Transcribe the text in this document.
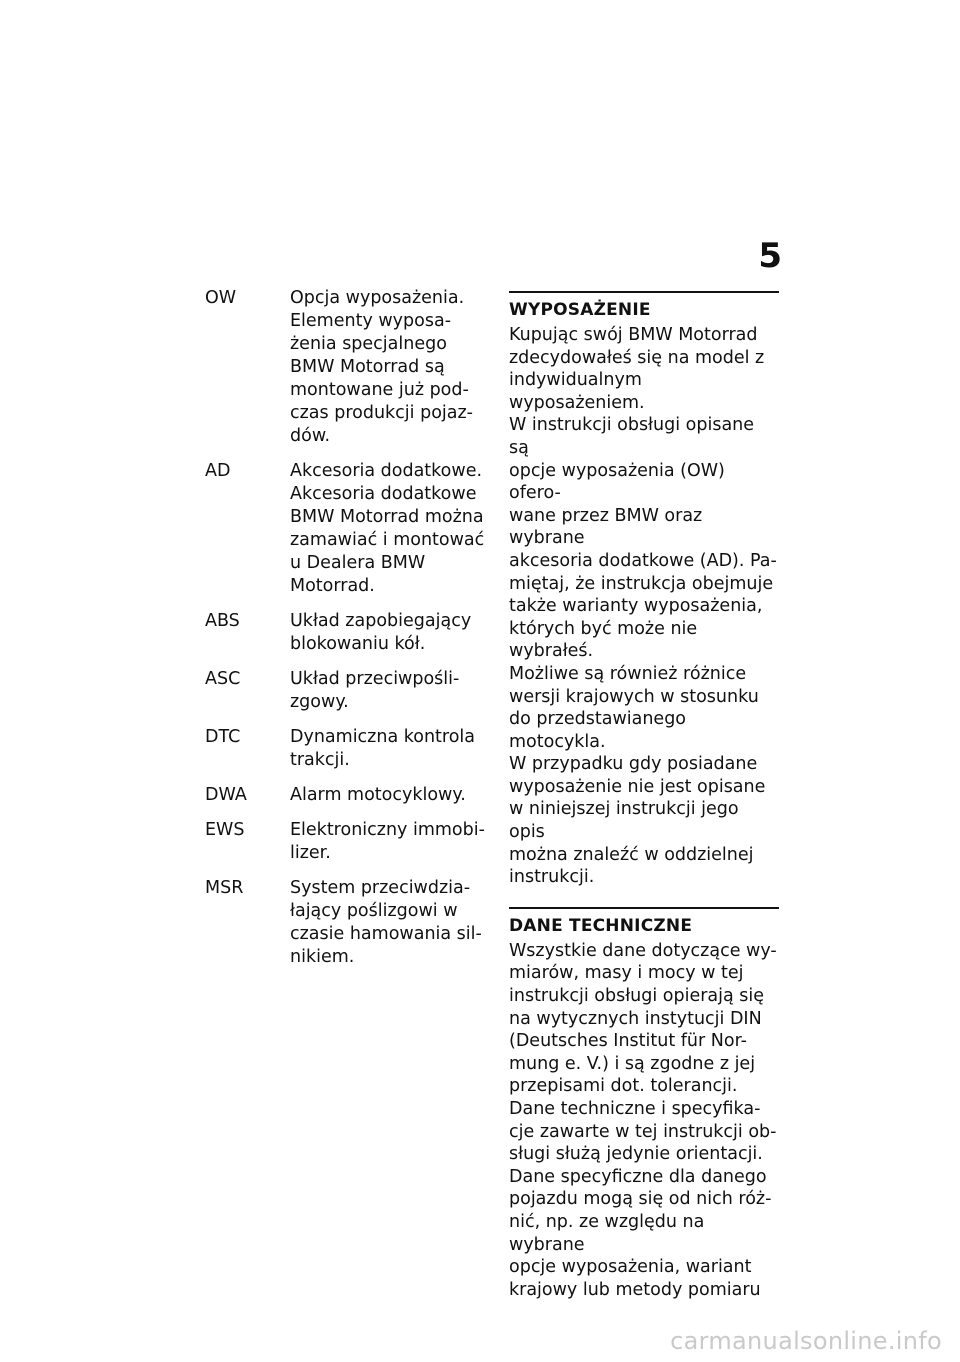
5
OW	Opcja wyposażenia. Elementy wyposa-
żenia specjalnego BMW Motorrad są montowane już pod-
czas produkcji pojaz-
dów.
AD	Akcesoria dodatkowe. Akcesoria dodatkowe BMW Motorrad można zamawiać i montować u Dealera BMW Motorrad.
ABS	Układ zapobiegający blokowaniu kół.
ASC	Układ przeciwpośli-
zgowy.
DTC	Dynamiczna kontrola trakcji.
DWA	Alarm motocyklowy.
EWS	Elektroniczny immobi-
lizer.
MSR	System przeciwdzia-
łający poślizgowi w czasie hamowania sil-
nikiem.
WYPOSAŻENIE
Kupując swój BMW Motorrad
zdecydowałeś się na model z
indywidualnym wyposażeniem.
W instrukcji obsługi opisane są
opcje wyposażenia (OW) ofero-
wane przez BMW oraz wybrane
akcesoria dodatkowe (AD). Pa-
miętaj, że instrukcja obejmuje
także warianty wyposażenia,
których być może nie wybrałeś.
Możliwe są również różnice
wersji krajowych w stosunku
do przedstawianego motocykla.
W przypadku gdy posiadane
wyposażenie nie jest opisane
w niniejszej instrukcji jego opis
można znaleźć w oddzielnej
instrukcji.
DANE TECHNICZNE
Wszystkie dane dotyczące wy-
miarów, masy i mocy w tej
instrukcji obsługi opierają się
na wytycznych instytucji DIN
(Deutsches Institut für Nor-
mung e. V.) i są zgodne z jej
przepisami dot. tolerancji.
Dane techniczne i specyfika-
cje zawarte w tej instrukcji ob-
sługi służą jedynie orientacji.
Dane specyficzne dla danego
pojazdu mogą się od nich róż-
nić, np. ze względu na wybrane
opcje wyposażenia, wariant
krajowy lub metody pomiaru
carmanualsonline.info
